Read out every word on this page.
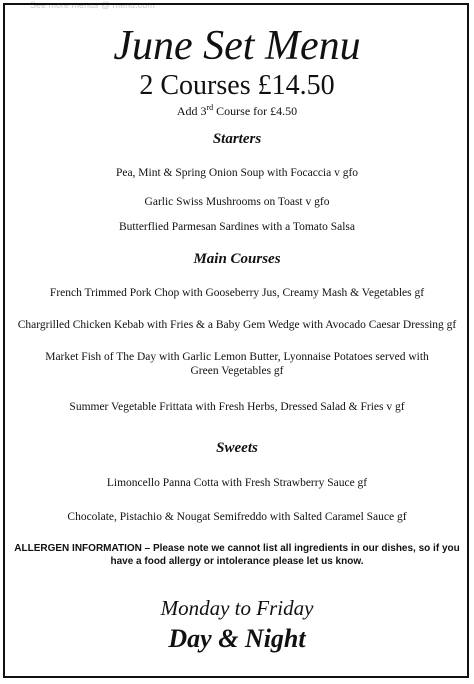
See more menus @ menu.com
June Set Menu
2 Courses £14.50
Add 3rd Course for £4.50
Starters
Pea, Mint & Spring Onion Soup with Focaccia v gfo
Garlic Swiss Mushrooms on Toast v gfo
Butterflied Parmesan Sardines with a Tomato Salsa
Main Courses
French Trimmed Pork Chop with Gooseberry Jus, Creamy Mash & Vegetables gf
Chargrilled Chicken Kebab with Fries & a Baby Gem Wedge with Avocado Caesar Dressing gf
Market Fish of The Day with Garlic Lemon Butter, Lyonnaise Potatoes served with Green Vegetables gf
Summer Vegetable Frittata with Fresh Herbs, Dressed Salad & Fries v gf
Sweets
Limoncello Panna Cotta with Fresh Strawberry Sauce gf
Chocolate, Pistachio & Nougat Semifreddo with Salted Caramel Sauce gf
ALLERGEN INFORMATION – Please note we cannot list all ingredients in our dishes, so if you have a food allergy or intolerance please let us know.
Monday to Friday
Day & Night
